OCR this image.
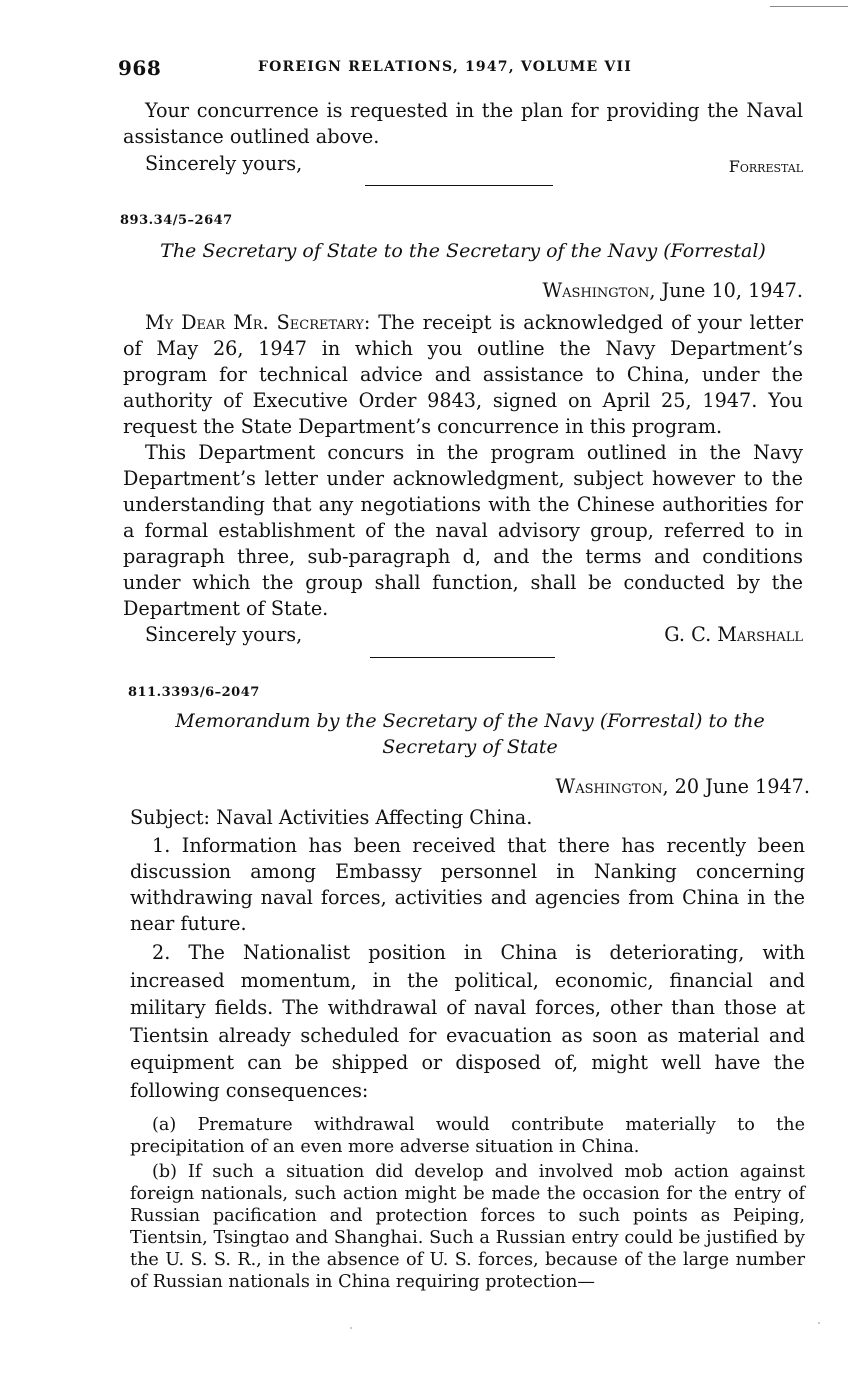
968	FOREIGN RELATIONS, 1947, VOLUME VII

Your concurrence is requested in the plan for providing the Naval assistance outlined above.

Sincerely yours,	Forrestal
893.34/5–2647
The Secretary of State to the Secretary of the Navy (Forrestal)
Washington, June 10, 1947.

My Dear Mr. Secretary: The receipt is acknowledged of your letter of May 26, 1947 in which you outline the Navy Department’s program for technical advice and assistance to China, under the authority of Executive Order 9843, signed on April 25, 1947. You request the State Department’s concurrence in this program.

This Department concurs in the program outlined in the Navy Department’s letter under acknowledgment, subject however to the understanding that any negotiations with the Chinese authorities for a formal establishment of the naval advisory group, referred to in paragraph three, sub-paragraph d, and the terms and conditions under which the group shall function, shall be conducted by the Department of State.

Sincerely yours,	G. C. Marshall
811.3393/6–2047
Memorandum by the Secretary of the Navy (Forrestal) to the
Secretary of State
Washington, 20 June 1947.

Subject: Naval Activities Affecting China.

1. Information has been received that there has recently been discussion among Embassy personnel in Nanking concerning withdrawing naval forces, activities and agencies from China in the near future.

2. The Nationalist position in China is deteriorating, with increased momentum, in the political, economic, financial and military fields. The withdrawal of naval forces, other than those at Tientsin already scheduled for evacuation as soon as material and equipment can be shipped or disposed of, might well have the following consequences:

(a) Premature withdrawal would contribute materially to the precipitation of an even more adverse situation in China.

(b) If such a situation did develop and involved mob action against foreign nationals, such action might be made the occasion for the entry of Russian pacification and protection forces to such points as Peiping, Tientsin, Tsingtao and Shanghai. Such a Russian entry could be justified by the U. S. S. R., in the absence of U. S. forces, because of the large number of Russian nationals in China requiring protection—
